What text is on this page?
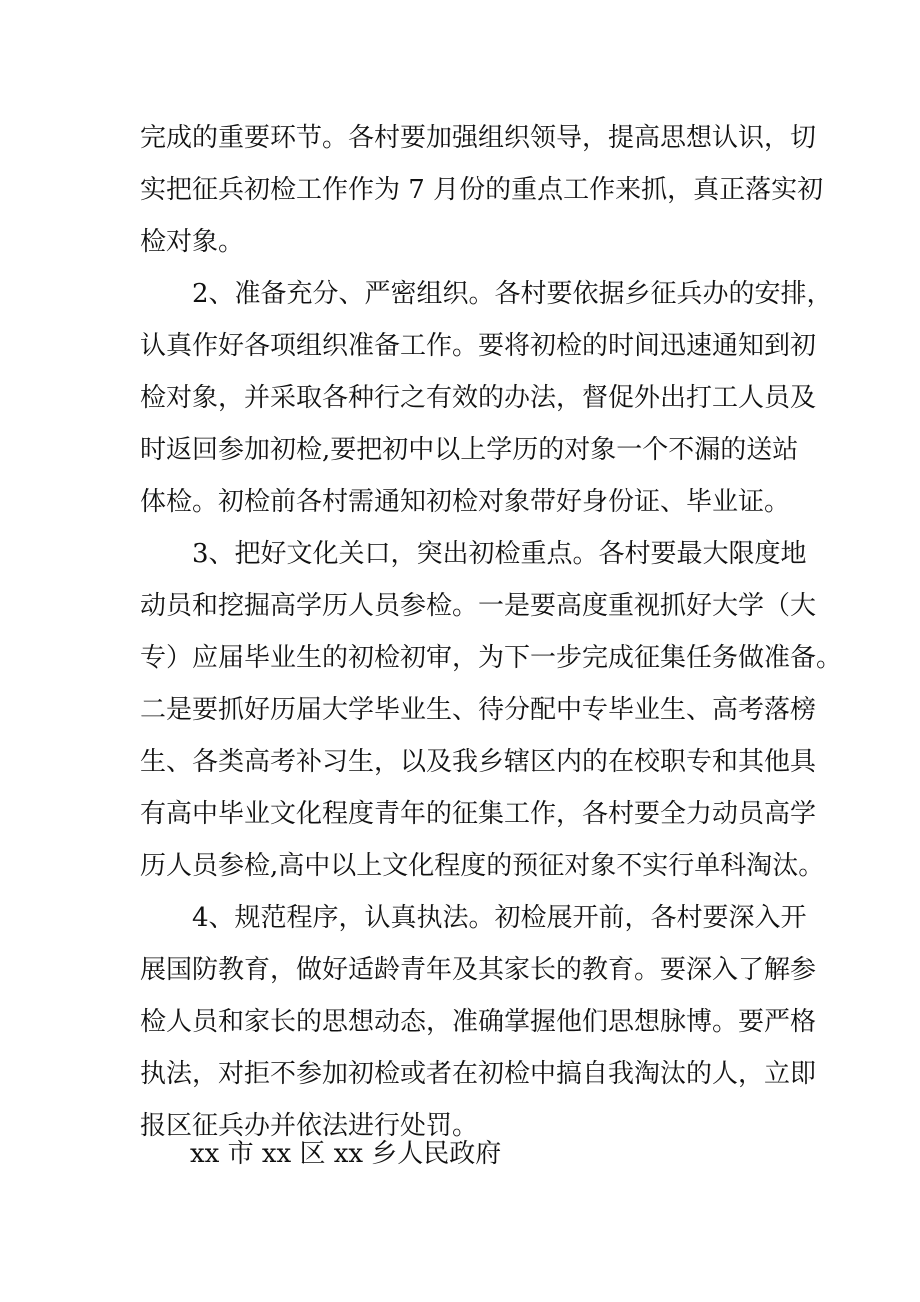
完成的重要环节。各村要加强组织领导，提高思想认识，切
实把征兵初检工作作为 7 月份的重点工作来抓，真正落实初
检对象。
　　2、准备充分、严密组织。各村要依据乡征兵办的安排，
认真作好各项组织准备工作。要将初检的时间迅速通知到初
检对象，并采取各种行之有效的办法，督促外出打工人员及
时返回参加初检,要把初中以上学历的对象一个不漏的送站
体检。初检前各村需通知初检对象带好身份证、毕业证。
　　3、把好文化关口，突出初检重点。各村要最大限度地
动员和挖掘高学历人员参检。一是要高度重视抓好大学（大
专）应届毕业生的初检初审，为下一步完成征集任务做准备。
二是要抓好历届大学毕业生、待分配中专毕业生、高考落榜
生、各类高考补习生，以及我乡辖区内的在校职专和其他具
有高中毕业文化程度青年的征集工作，各村要全力动员高学
历人员参检,高中以上文化程度的预征对象不实行单科淘汰。
　　4、规范程序，认真执法。初检展开前，各村要深入开
展国防教育，做好适龄青年及其家长的教育。要深入了解参
检人员和家长的思想动态，准确掌握他们思想脉博。要严格
执法，对拒不参加初检或者在初检中搞自我淘汰的人，立即
报区征兵办并依法进行处罚。
xx 市 xx 区 xx 乡人民政府
